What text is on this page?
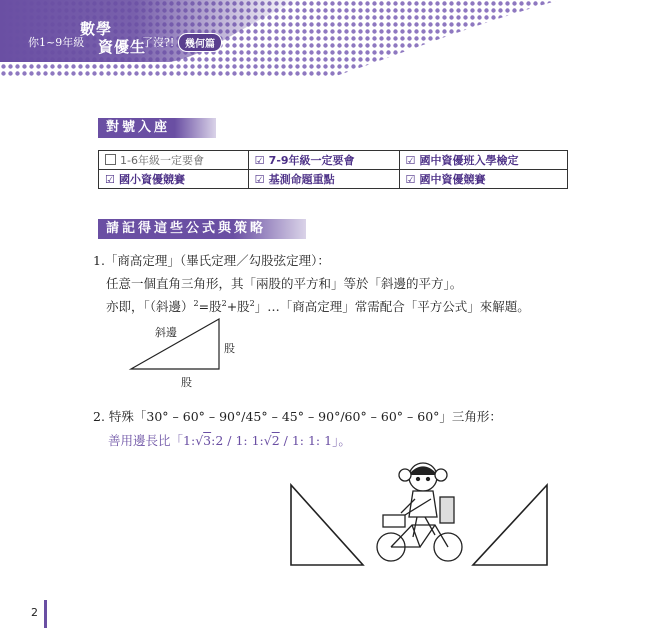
你1~9年級
數學
資優生
了沒?!	幾何篇
對號入座
1-6年級一定要會	☑ 7-9年級一定要會	☑ 國中資優班入學檢定
☑ 國小資優競賽	☑ 基測命題重點	☑ 國中資優競賽
請記得這些公式與策略
1.「商高定理」（畢氏定理／勾股弦定理）：
任意一個直角三角形，其「兩股的平方和」等於「斜邊的平方」。
亦即，「（斜邊）$^2$=股$^2$+股$^2$」…「商高定理」常需配合「平方公式」來解題。
斜邊
股
股
2. 特殊「30° – 60° – 90°/45° – 45° – 90°/60° – 60° – 60°」三角形：
善用邊長比「1:√3:2 / 1: 1:√2 / 1: 1: 1」。
2
